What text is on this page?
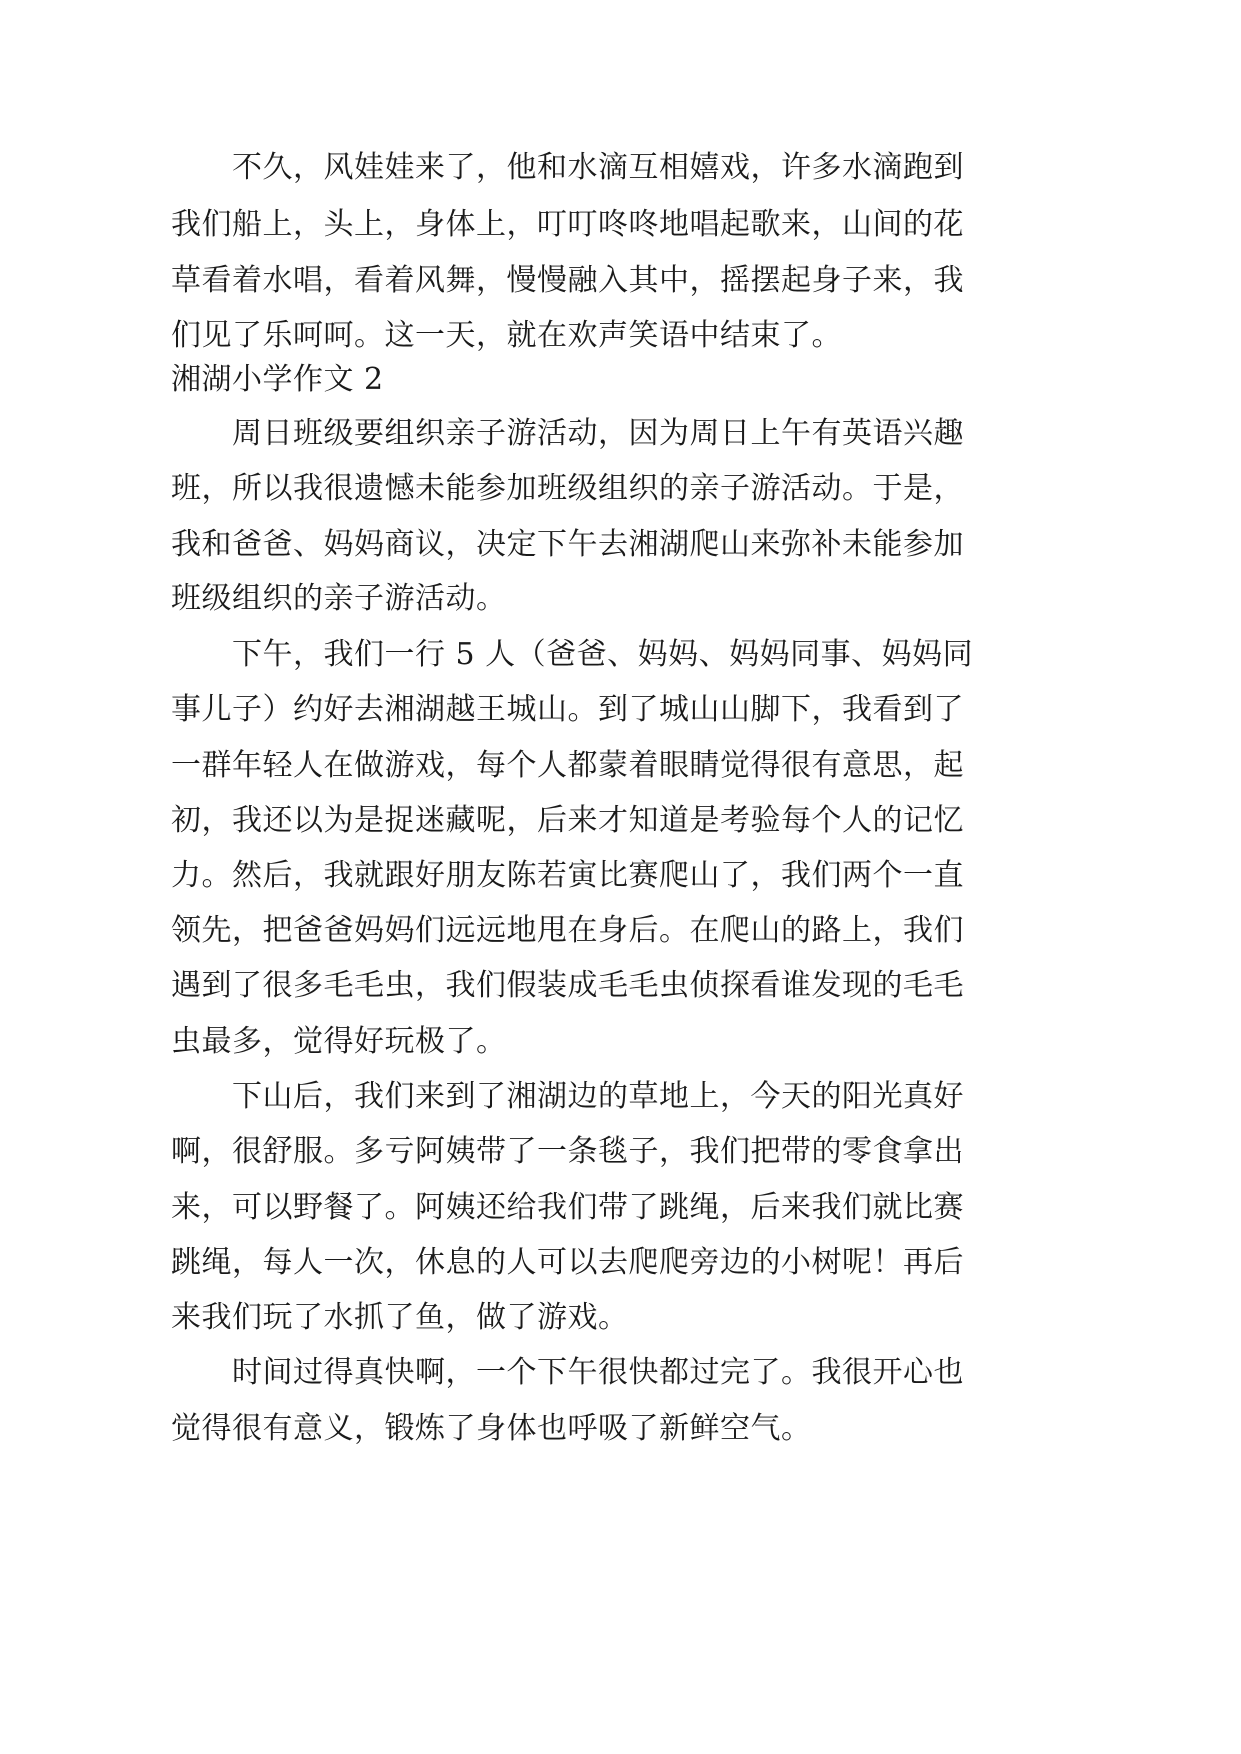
不久，风娃娃来了，他和水滴互相嬉戏，许多水滴跑到
我们船上，头上，身体上，叮叮咚咚地唱起歌来，山间的花
草看着水唱，看着风舞，慢慢融入其中，摇摆起身子来，我
们见了乐呵呵。这一天，就在欢声笑语中结束了。
湘湖小学作文 2
周日班级要组织亲子游活动，因为周日上午有英语兴趣
班，所以我很遗憾未能参加班级组织的亲子游活动。于是，
我和爸爸、妈妈商议，决定下午去湘湖爬山来弥补未能参加
班级组织的亲子游活动。
下午，我们一行 5 人（爸爸、妈妈、妈妈同事、妈妈同
事儿子）约好去湘湖越王城山。到了城山山脚下，我看到了
一群年轻人在做游戏，每个人都蒙着眼睛觉得很有意思，起
初，我还以为是捉迷藏呢，后来才知道是考验每个人的记忆
力。然后，我就跟好朋友陈若寅比赛爬山了，我们两个一直
领先，把爸爸妈妈们远远地甩在身后。在爬山的路上，我们
遇到了很多毛毛虫，我们假装成毛毛虫侦探看谁发现的毛毛
虫最多，觉得好玩极了。
下山后，我们来到了湘湖边的草地上，今天的阳光真好
啊，很舒服。多亏阿姨带了一条毯子，我们把带的零食拿出
来，可以野餐了。阿姨还给我们带了跳绳，后来我们就比赛
跳绳，每人一次，休息的人可以去爬爬旁边的小树呢！再后
来我们玩了水抓了鱼，做了游戏。
时间过得真快啊，一个下午很快都过完了。我很开心也
觉得很有意义，锻炼了身体也呼吸了新鲜空气。
